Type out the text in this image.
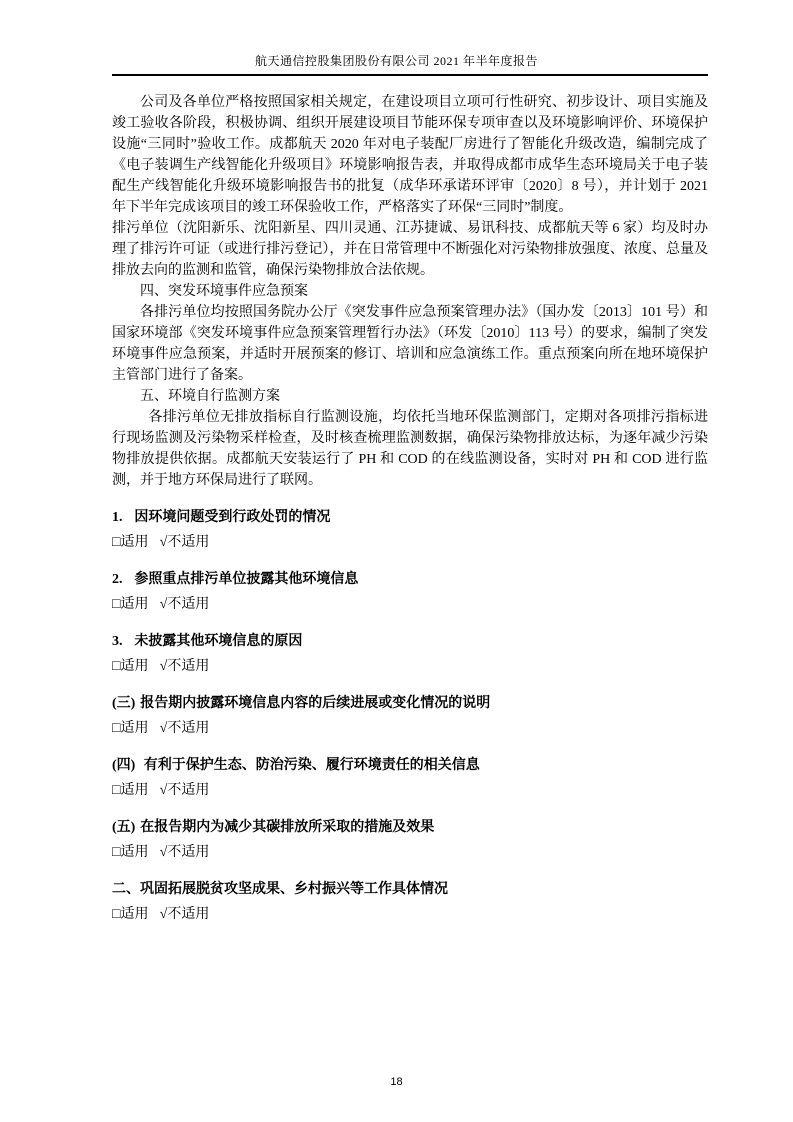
航天通信控股集团股份有限公司 2021 年半年度报告

公司及各单位严格按照国家相关规定，在建设项目立项可行性研究、初步设计、项目实施及竣工验收各阶段，积极协调、组织开展建设项目节能环保专项审查以及环境影响评价、环境保护设施“三同时”验收工作。成都航天 2020 年对电子装配厂房进行了智能化升级改造，编制完成了《电子装调生产线智能化升级项目》环境影响报告表，并取得成都市成华生态环境局关于电子装配生产线智能化升级环境影响报告书的批复（成华环承诺环评审〔2020〕8 号），并计划于 2021 年下半年完成该项目的竣工环保验收工作，严格落实了环保“三同时”制度。

排污单位（沈阳新乐、沈阳新星、四川灵通、江苏捷诚、易讯科技、成都航天等 6 家）均及时办理了排污许可证（或进行排污登记），并在日常管理中不断强化对污染物排放强度、浓度、总量及排放去向的监测和监管，确保污染物排放合法依规。

四、突发环境事件应急预案

各排污单位均按照国务院办公厅《突发事件应急预案管理办法》（国办发〔2013〕101 号）和国家环境部《突发环境事件应急预案管理暂行办法》（环发〔2010〕113 号）的要求，编制了突发环境事件应急预案，并适时开展预案的修订、培训和应急演练工作。重点预案向所在地环境保护主管部门进行了备案。

五、环境自行监测方案

各排污单位无排放指标自行监测设施，均依托当地环保监测部门，定期对各项排污指标进行现场监测及污染物采样检查，及时核查梳理监测数据，确保污染物排放达标，为逐年减少污染物排放提供依据。成都航天安装运行了 PH 和 COD 的在线监测设备，实时对 PH 和 COD 进行监测，并于地方环保局进行了联网。

1. 因环境问题受到行政处罚的情况
□适用 √不适用
2. 参照重点排污单位披露其他环境信息
□适用 √不适用
3. 未披露其他环境信息的原因
□适用 √不适用
(三) 报告期内披露环境信息内容的后续进展或变化情况的说明
□适用 √不适用
(四) 有利于保护生态、防治污染、履行环境责任的相关信息
□适用 √不适用
(五) 在报告期内为减少其碳排放所采取的措施及效果
□适用 √不适用
二、巩固拓展脱贫攻坚成果、乡村振兴等工作具体情况
□适用 √不适用
18
